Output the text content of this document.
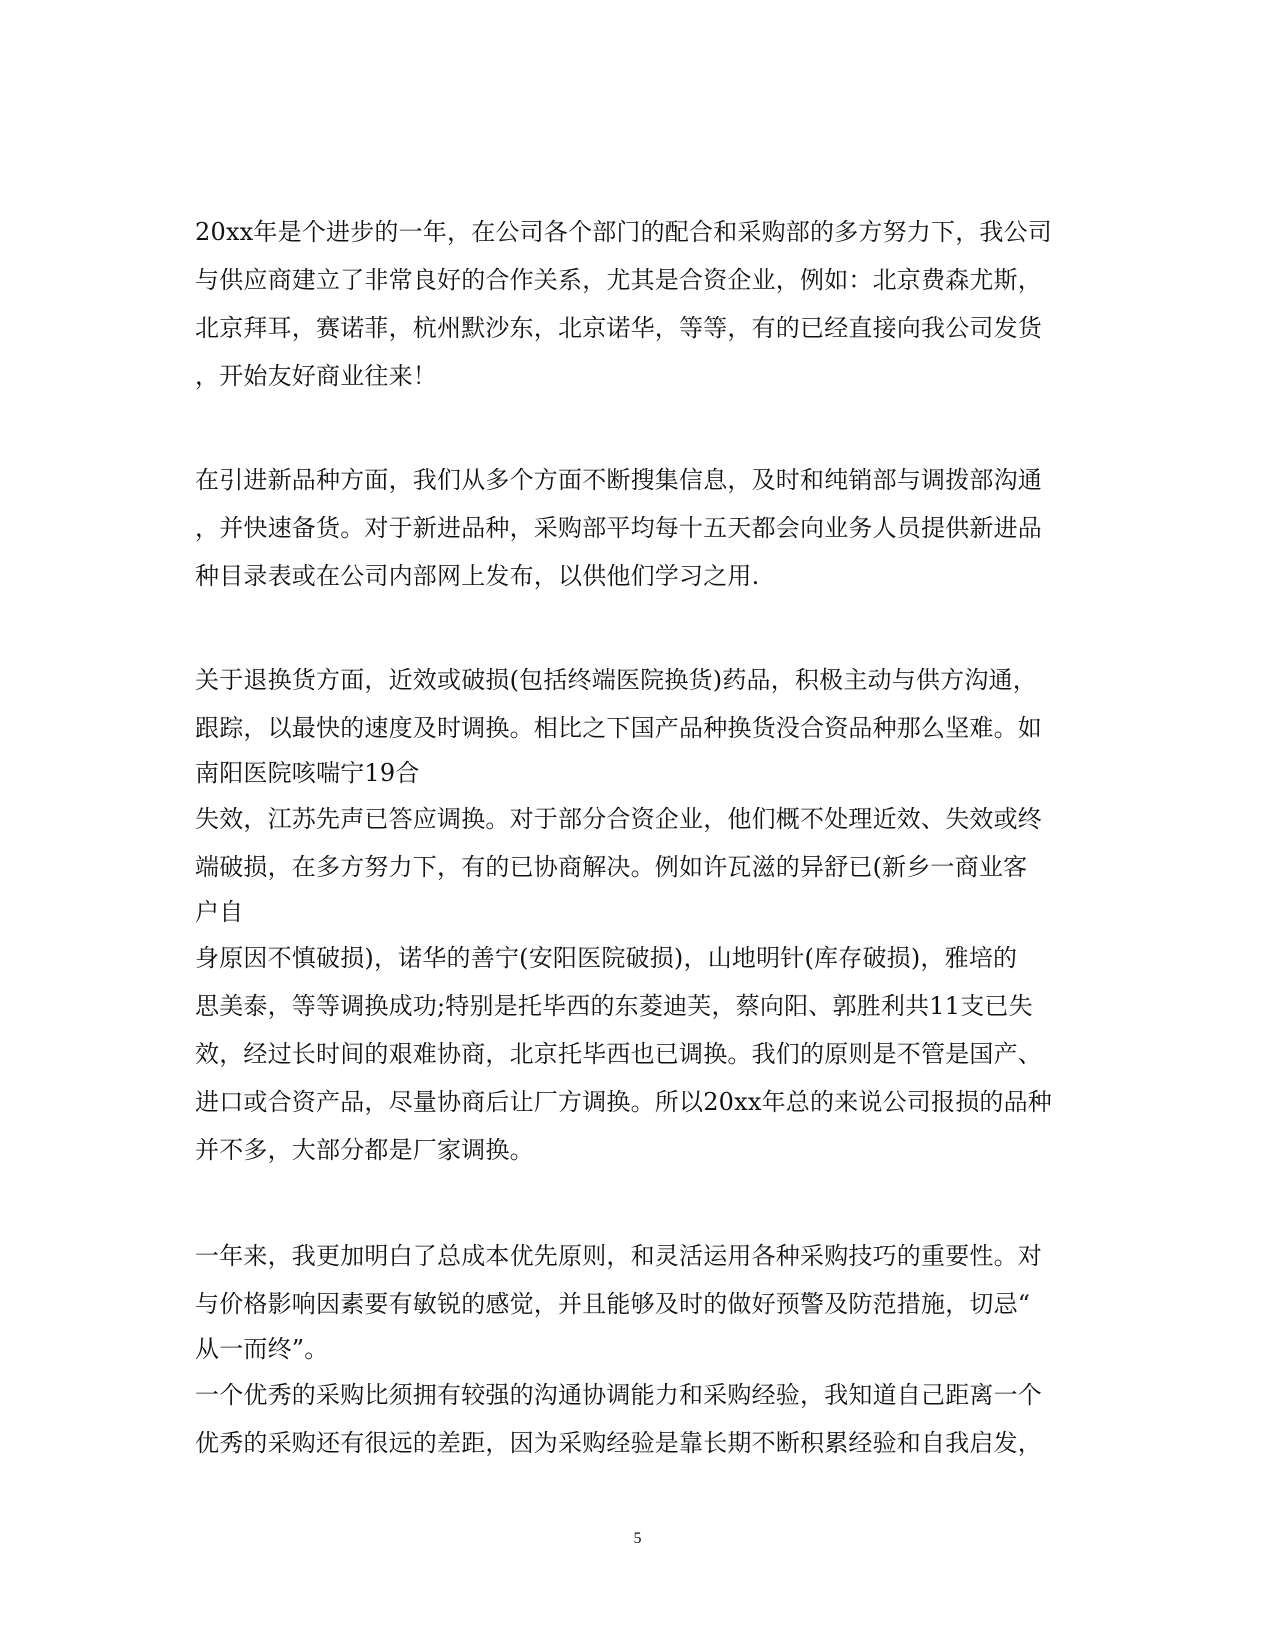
20xx年是个进步的一年，在公司各个部门的配合和采购部的多方努力下，我公司
与供应商建立了非常良好的合作关系，尤其是合资企业，例如：北京费森尤斯，
北京拜耳，赛诺菲，杭州默沙东，北京诺华，等等，有的已经直接向我公司发货
，开始友好商业往来！
在引进新品种方面，我们从多个方面不断搜集信息，及时和纯销部与调拨部沟通
，并快速备货。对于新进品种，采购部平均每十五天都会向业务人员提供新进品
种目录表或在公司内部网上发布，以供他们学习之用.
关于退换货方面，近效或破损(包括终端医院换货)药品，积极主动与供方沟通，
跟踪，以最快的速度及时调换。相比之下国产品种换货没合资品种那么坚难。如
南阳医院咳喘宁19合
失效，江苏先声已答应调换。对于部分合资企业，他们概不处理近效、失效或终
端破损，在多方努力下，有的已协商解决。例如许瓦滋的异舒已(新乡一商业客
户自
身原因不慎破损)，诺华的善宁(安阳医院破损)，山地明针(库存破损)，雅培的
思美泰，等等调换成功;特别是托毕西的东菱迪芙，蔡向阳、郭胜利共11支已失
效，经过长时间的艰难协商，北京托毕西也已调换。我们的原则是不管是国产、
进口或合资产品，尽量协商后让厂方调换。所以20xx年总的来说公司报损的品种
并不多，大部分都是厂家调换。
一年来，我更加明白了总成本优先原则，和灵活运用各种采购技巧的重要性。对
与价格影响因素要有敏锐的感觉，并且能够及时的做好预警及防范措施，切忌“
从一而终”。
一个优秀的采购比须拥有较强的沟通协调能力和采购经验，我知道自己距离一个
优秀的采购还有很远的差距，因为采购经验是靠长期不断积累经验和自我启发，
5
